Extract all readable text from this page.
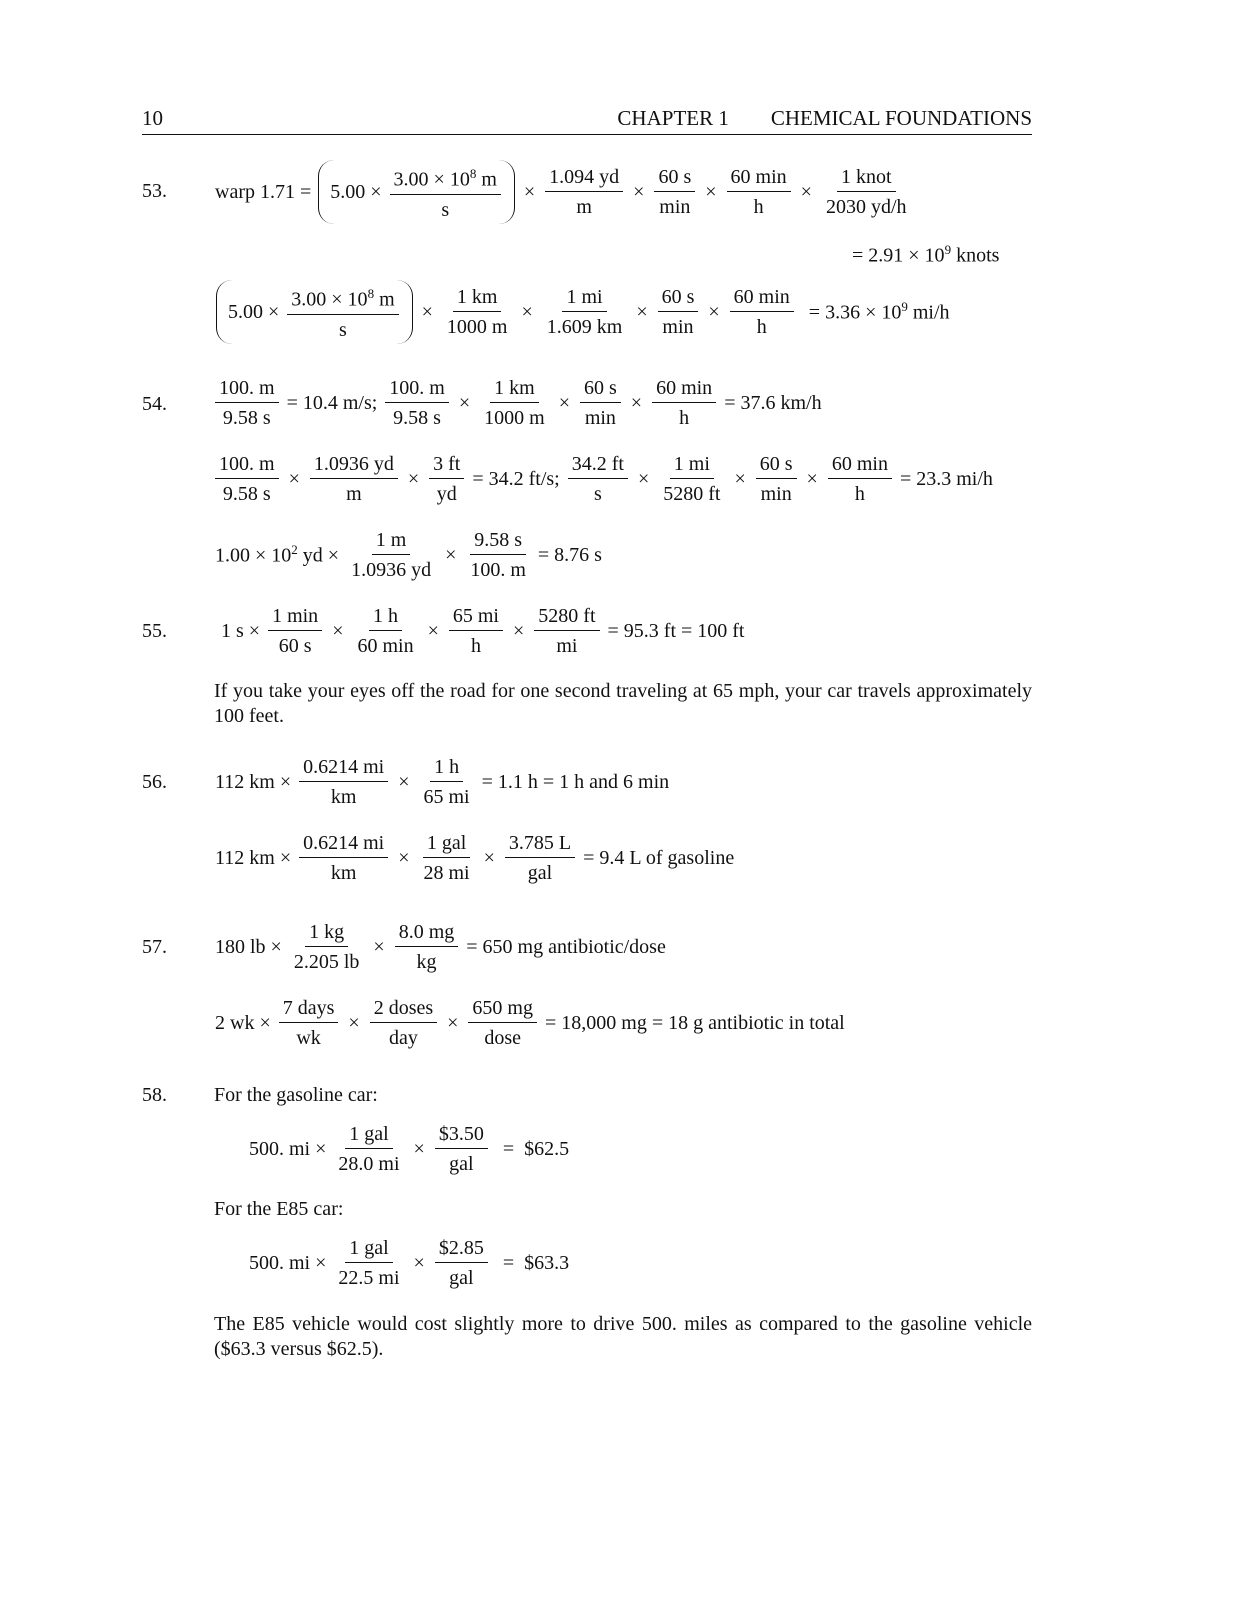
10	CHAPTER 1  CHEMICAL FOUNDATIONS
53. warp $1.71 = 5.00 \times \frac{3.00 \times 10^8 m}{s} \times \frac{1.094 yd}{m} \times \frac{60 s}{\min} \times \frac{60 \min}{h} \times \frac{\text{1 knot}}{2030 yd/h}$
= $2.91 \times 10^9$ knots
$5.00 \times \frac{3.00 \times 10^8 m}{s} \times \frac{1 km}{1000 m} \times \frac{1 mi}{1.609 km} \times \frac{60 s}{\min} \times \frac{60 \min}{h} = 3.36 \times 10^9$ mi/h
54. $\frac{100. m}{9.58 s} = 10.4$ m/s; $\frac{100. m}{9.58 s} \times \frac{1 km}{1000 m} \times \frac{60 s}{\min} \times \frac{60 \min}{h} = 37.6$ km/h
$\frac{100. m}{9.58 s} \times \frac{1.0936 yd}{m} \times \frac{3 ft}{yd} = 34.2$ ft/s; $\frac{34.2 ft}{s} \times \frac{1 mi}{5280 ft} \times \frac{60 s}{\min} \times \frac{60 \min}{h} = 23.3$ mi/h
$1.00 \times 10^2$ yd × $\frac{1 m}{1.0936 yd} \times \frac{9.58 s}{100. m} = 8.76$ s
55.	1 $s \times \frac{1 \min}{60 s} \times \frac{1 h}{60 \min} \times \frac{65 mi}{h} \times \frac{5280 ft}{mi} = 95.3$ ft = 100 ft
If you take your eyes off the road for one second traveling at 65 mph, your car travels approximately 100 feet.
56. 112 km × $\frac{0.6214 mi}{km} \times \frac{1 h}{65 mi} = 1.1$ h = 1 h and 6 min
112 km × $\frac{0.6214 mi}{km} \times \frac{\text{1 gal}}{28 mi} \times \frac{3.785 L}{\text{gal}} = 9.4$ L of gasoline
57. 180 lb × $\frac{1 kg}{2.205 lb} \times \frac{8.0 mg}{kg} = 650$ mg antibiotic/dose
2 wk × $\frac{\text{7 days}}{wk} \times \frac{\text{2 doses}}{\text{day}} \times \frac{650 mg}{\text{dose}} = 18,000$ mg = 18 g antibiotic in total
58. For the gasoline car:
500. mi × $\frac{\text{1 gal}}{28.0 mi} \times \frac{\$3.50}{\text{gal}}$ =  $62.5
For the E85 car:
500. mi × $\frac{\text{1 gal}}{22.5 mi} \times \frac{\$2.85}{\text{gal}}$ =  $63.3
The E85 vehicle would cost slightly more to drive 500. miles as compared to the gasoline vehicle ($63.3 versus $62.5).
